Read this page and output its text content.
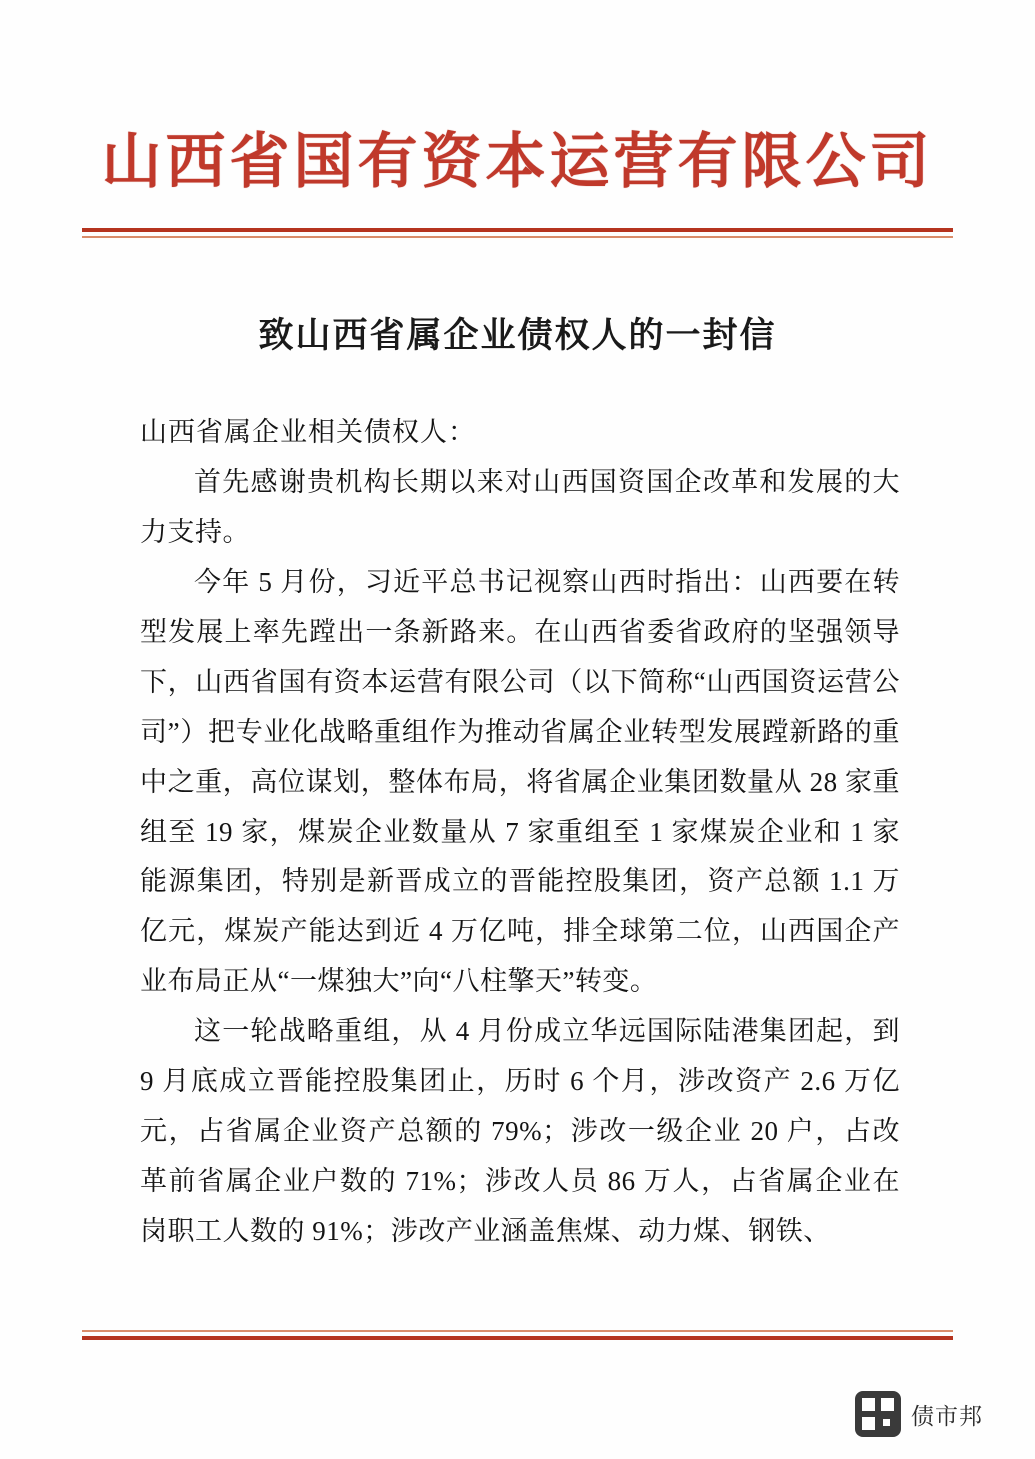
山西省国有资本运营有限公司
致山西省属企业债权人的一封信
山西省属企业相关债权人：

首先感谢贵机构长期以来对山西国资国企改革和发展的大力支持。

今年 5 月份，习近平总书记视察山西时指出：山西要在转型发展上率先蹚出一条新路来。在山西省委省政府的坚强领导下，山西省国有资本运营有限公司（以下简称“山西国资运营公司”）把专业化战略重组作为推动省属企业转型发展蹚新路的重中之重，高位谋划，整体布局，将省属企业集团数量从 28 家重组至 19 家，煤炭企业数量从 7 家重组至 1 家煤炭企业和 1 家能源集团，特别是新晋成立的晋能控股集团，资产总额 1.1 万亿元，煤炭产能达到近 4 万亿吨，排全球第二位，山西国企产业布局正从“一煤独大”向“八柱擎天”转变。

这一轮战略重组，从 4 月份成立华远国际陆港集团起，到 9 月底成立晋能控股集团止，历时 6 个月，涉改资产 2.6 万亿元，占省属企业资产总额的 79%；涉改一级企业 20 户，占改革前省属企业户数的 71%；涉改人员 86 万人，占省属企业在岗职工人数的 91%；涉改产业涵盖焦煤、动力煤、钢铁、

债市邦
